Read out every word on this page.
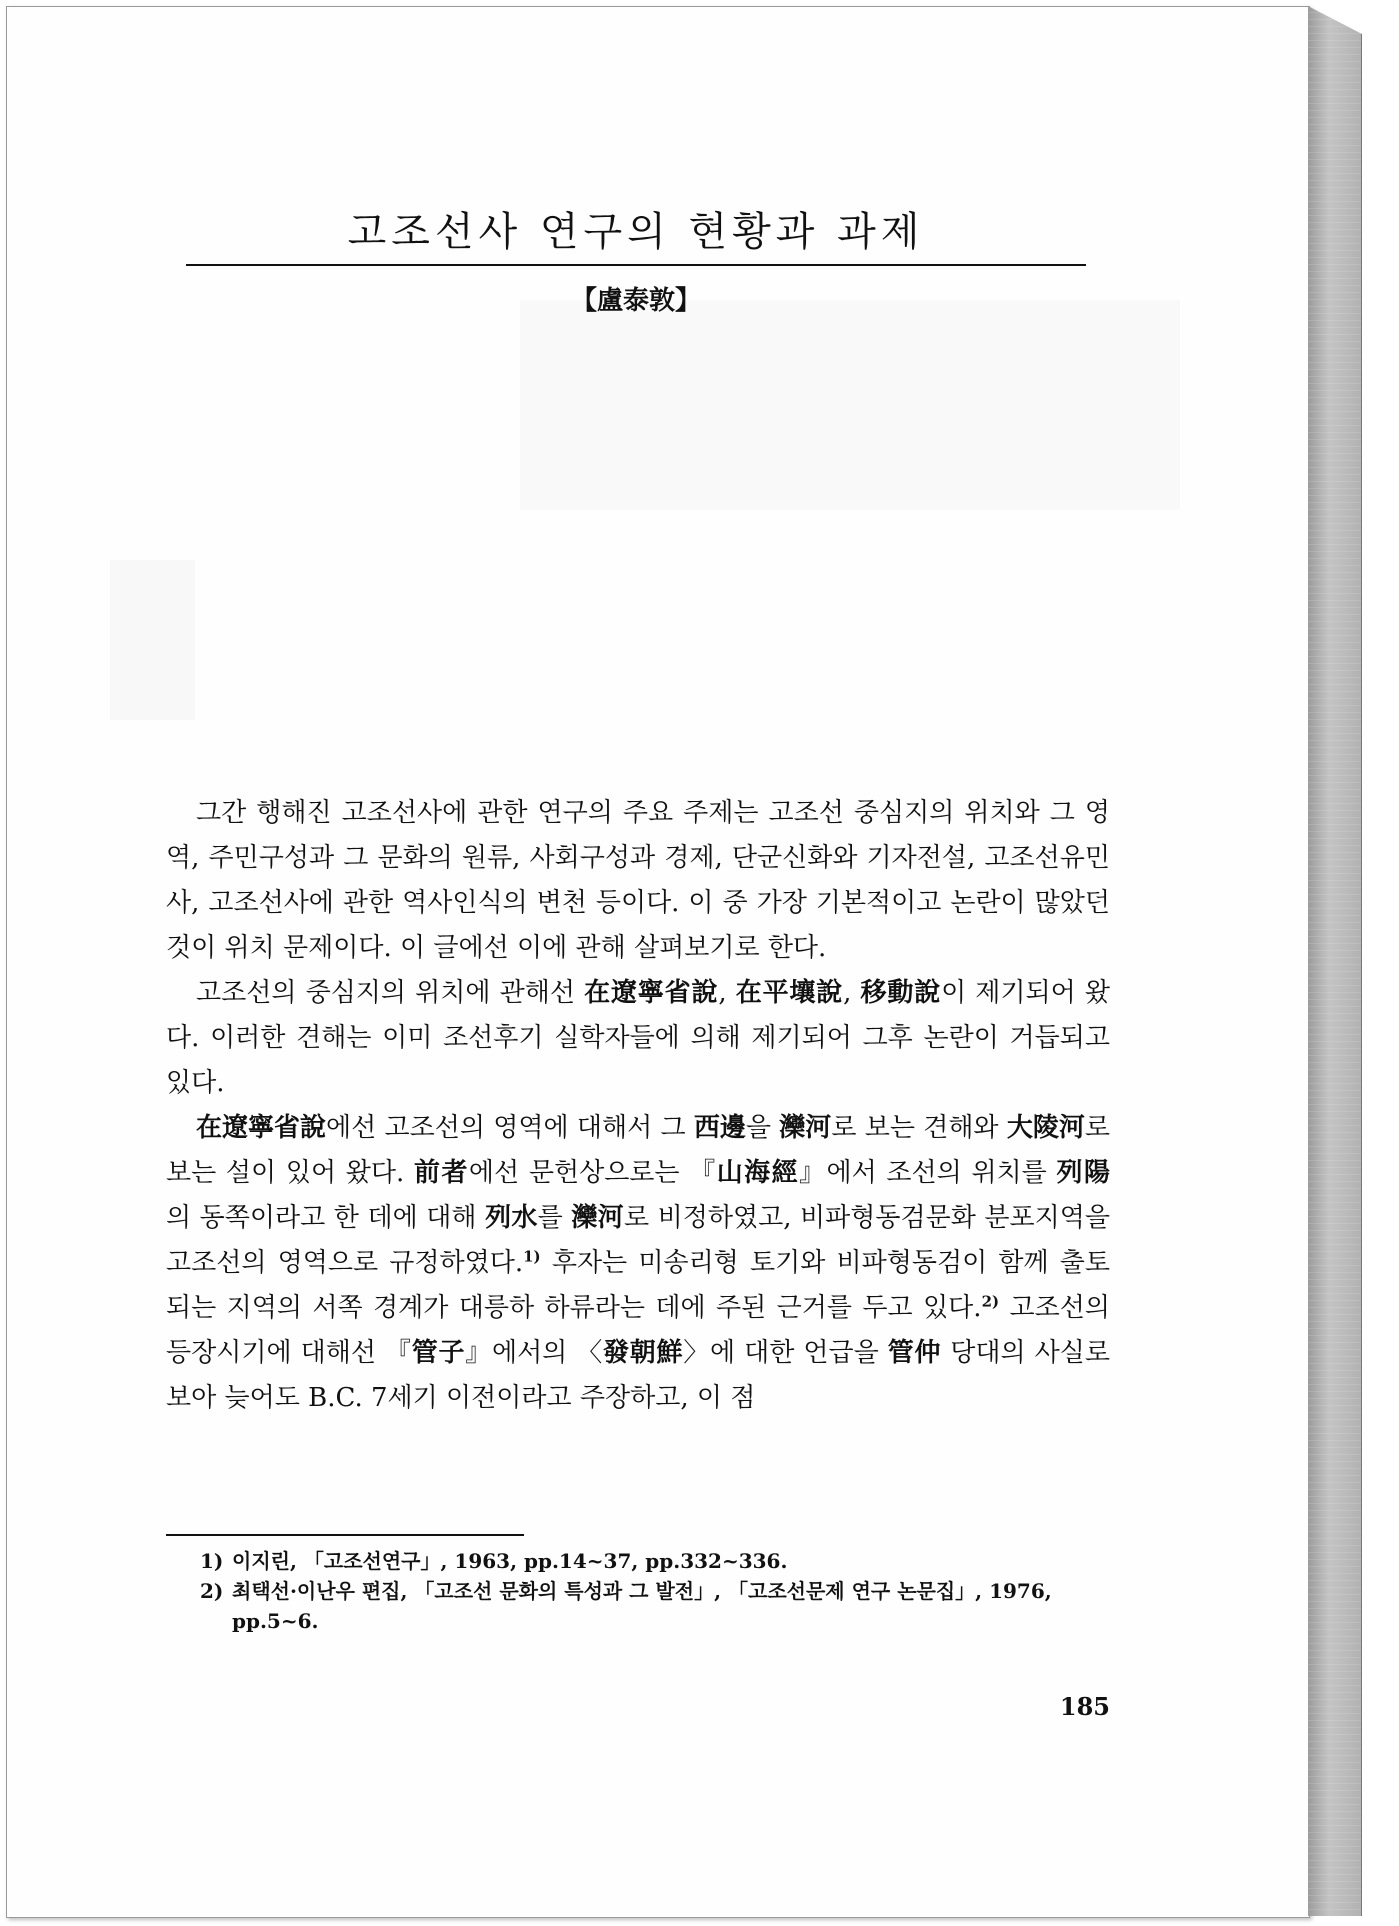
고조선사 연구의 현황과 과제
【盧泰敦】

그간 행해진 고조선사에 관한 연구의 주요 주제는 고조선 중심지의 위치와 그 영역, 주민구성과 그 문화의 원류, 사회구성과 경제, 단군신화와 기자전설, 고조선유민사, 고조선사에 관한 역사인식의 변천 등이다. 이 중 가장 기본적이고 논란이 많았던 것이 위치 문제이다. 이 글에선 이에 관해 살펴보기로 한다.

고조선의 중심지의 위치에 관해선 在遼寧省說, 在平壤說, 移動說이 제기되어 왔다. 이러한 견해는 이미 조선후기 실학자들에 의해 제기되어 그후 논란이 거듭되고 있다.

在遼寧省說에선 고조선의 영역에 대해서 그 西邊을 灤河로 보는 견해와 大陵河로 보는 설이 있어 왔다. 前者에선 문헌상으로는 『山海經』에서 조선의 위치를 列陽의 동쪽이라고 한 데에 대해 列水를 灤河로 비정하였고, 비파형동검문화 분포지역을 고조선의 영역으로 규정하였다.$^{1)}$ 후자는 미송리형 토기와 비파형동검이 함께 출토되는 지역의 서쪽 경계가 대릉하 하류라는 데에 주된 근거를 두고 있다.$^{2)}$ 고조선의 등장시기에 대해선 『管子』에서의 〈發朝鮮〉에 대한 언급을 管仲 당대의 사실로 보아 늦어도 B.C. 7세기 이전이라고 주장하고, 이 점

1) 이지린, 「고조선연구」, 1963, pp.14~37, pp.332~336.
2) 최택선·이난우 편집, 「고조선 문화의 특성과 그 발전」, 「고조선문제 연구 논문집」, 1976, pp.5~6.
185
